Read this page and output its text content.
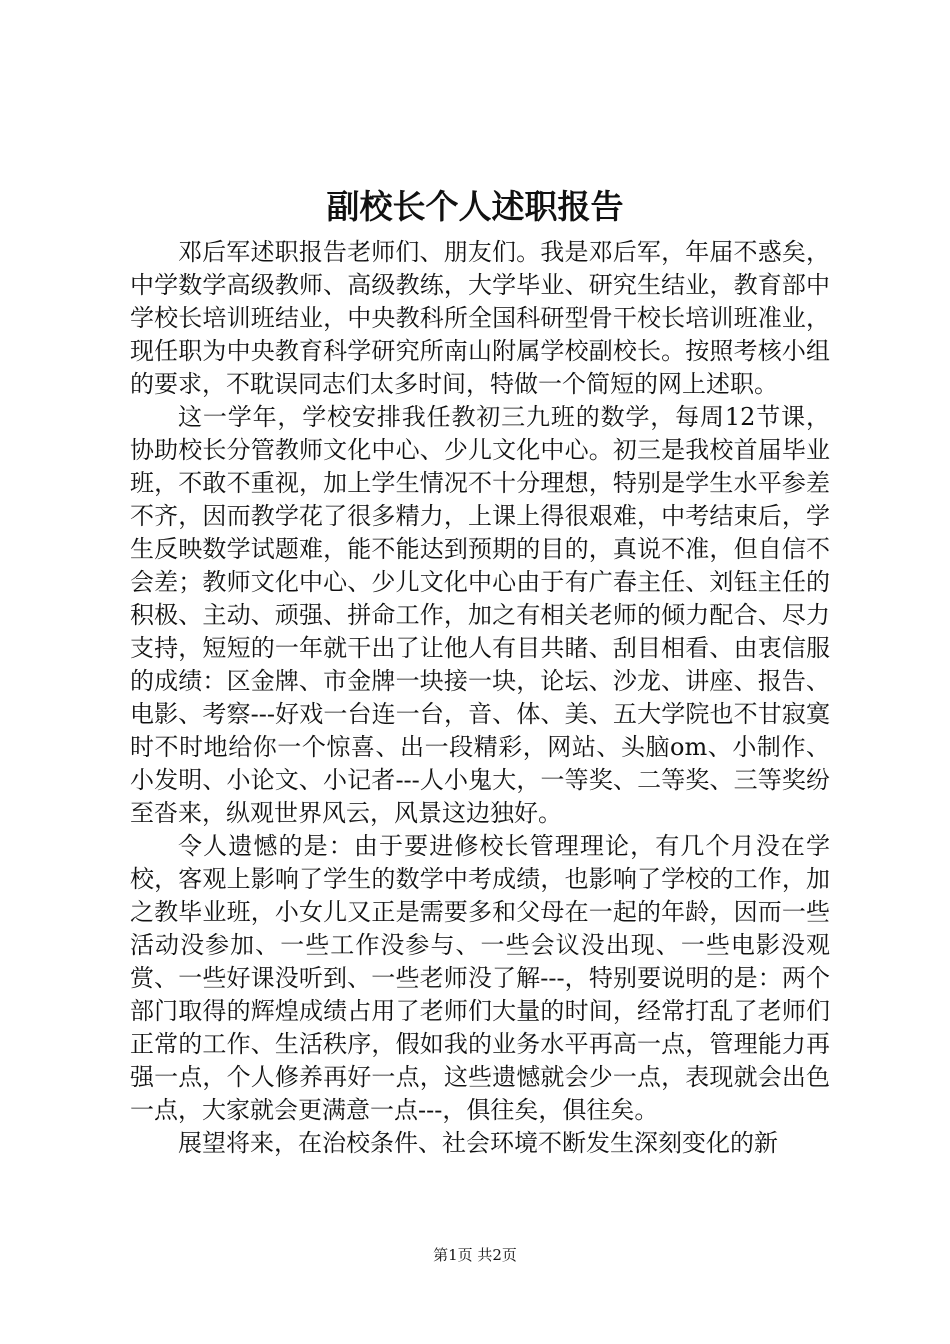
副校长个人述职报告

邓后军述职报告老师们、朋友们。我是邓后军，年届不惑矣，中学数学高级教师、高级教练，大学毕业、研究生结业，教育部中学校长培训班结业，中央教科所全国科研型骨干校长培训班准业，现任职为中央教育科学研究所南山附属学校副校长。按照考核小组的要求，不耽误同志们太多时间，特做一个简短的网上述职。

这一学年，学校安排我任教初三九班的数学，每周12节课，协助校长分管教师文化中心、少儿文化中心。初三是我校首届毕业班，不敢不重视，加上学生情况不十分理想，特别是学生水平参差不齐，因而教学花了很多精力，上课上得很艰难，中考结束后，学生反映数学试题难，能不能达到预期的目的，真说不准，但自信不会差；教师文化中心、少儿文化中心由于有广春主任、刘钰主任的积极、主动、顽强、拼命工作，加之有相关老师的倾力配合、尽力支持，短短的一年就干出了让他人有目共睹、刮目相看、由衷信服的成绩：区金牌、市金牌一块接一块，论坛、沙龙、讲座、报告、电影、考察---好戏一台连一台，音、体、美、五大学院也不甘寂寞时不时地给你一个惊喜、出一段精彩，网站、头脑om、小制作、小发明、小论文、小记者---人小鬼大，一等奖、二等奖、三等奖纷至沓来，纵观世界风云，风景这边独好。

令人遗憾的是：由于要进修校长管理理论，有几个月没在学校，客观上影响了学生的数学中考成绩，也影响了学校的工作，加之教毕业班，小女儿又正是需要多和父母在一起的年龄，因而一些活动没参加、一些工作没参与、一些会议没出现、一些电影没观赏、一些好课没听到、一些老师没了解---，特别要说明的是：两个部门取得的辉煌成绩占用了老师们大量的时间，经常打乱了老师们正常的工作、生活秩序，假如我的业务水平再高一点，管理能力再强一点，个人修养再好一点，这些遗憾就会少一点，表现就会出色一点，大家就会更满意一点---，俱往矣，俱往矣。

展望将来，在治校条件、社会环境不断发生深刻变化的新

第1页 共2页
